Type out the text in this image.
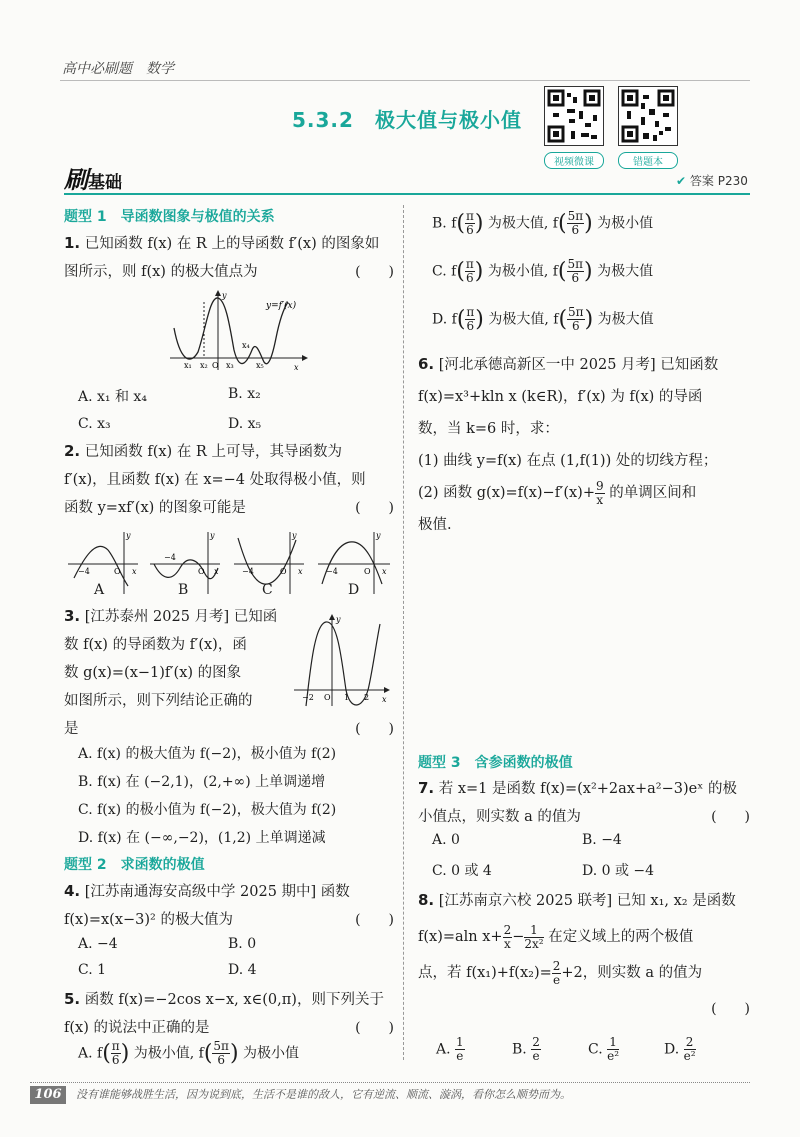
高中必刷题　数学
5.3.2　极大值与极小值
视频微课	错题本
刷基础	✔ 答案 P230
题型 1　导函数图象与极值的关系
1. 已知函数 f(x) 在 R 上的导函数 f′(x) 的图象如
图所示，则 f(x) 的极大值点为	(　　)
y=f′(x)
x₁ x₂ O x₃
x₄
x₅	x
y
A. x₁ 和 x₄	B. x₂
C. x₃	D. x₅
2. 已知函数 f(x) 在 R 上可导，其导函数为
f′(x)，且函数 f(x) 在 x=−4 处取得极小值，则
函数 y=xf′(x) 的图象可能是	(　　)
−4	O x
y
−4
O x
y
−4	O x
y
−4	O x
y
A	B	C	D
3. [江苏泰州 2025 月考] 已知函
数 f(x) 的导函数为 f′(x)，函
数 g(x)=(x−1)f′(x) 的图象
如图所示，则下列结论正确的
是	(　　)
−2 O 1 2 x
y
A. f(x) 的极大值为 f(−2)，极小值为 f(2)
B. f(x) 在 (−2,1)，(2,+∞) 上单调递增
C. f(x) 的极小值为 f(−2)，极大值为 f(2)
D. f(x) 在 (−∞,−2)，(1,2) 上单调递减
题型 2　求函数的极值
4. [江苏南通海安高级中学 2025 期中] 函数
f(x)=x(x−3)² 的极大值为	(　　)
A. −4	B. 0
C. 1	D. 4
5. 函数 f(x)=−2cos x−x, x∈(0,π)，则下列关于
f(x) 的说法中正确的是	(　　)
A. $f( \frac{\pi}{6}$ ) 为极小值, $f( \frac{5\pi}{6}$ ) 为极小值
B. $f( \frac{\pi}{6}$ ) 为极大值, $f( \frac{5\pi}{6}$ ) 为极小值
C. $f( \frac{\pi}{6}$ ) 为极小值, $f( \frac{5\pi}{6}$ ) 为极大值
D. $f( \frac{\pi}{6}$ ) 为极大值, $f( \frac{5\pi}{6}$ ) 为极大值
6. [河北承德高新区一中 2025 月考] 已知函数
f(x)=x³+kln x (k∈R)，f′(x) 为 f(x) 的导函
数，当 k=6 时，求：
(1) 曲线 y=f(x) 在点 (1,f(1)) 处的切线方程；
(2) 函数 $g(x)=f(x)-f'(x)+ \frac{9}{x}$ 的单调区间和
极值.
题型 3　含参函数的极值
7. 若 x=1 是函数 f(x)=(x²+2ax+a²−3)eˣ 的极
小值点，则实数 a 的值为	(　　)
A. 0	B. −4
C. 0 或 4	D. 0 或 −4
8. [江苏南京六校 2025 联考] 已知 x₁, x₂ 是函数
f(x)=aln $x+ \frac{2}{x} - \frac{1}{\text{2x²}}$ 在定义域上的两个极值
点，若 $f(x_1)+f(x_2)= \frac{2}{e} +2$，则实数 a 的值为
(　　)
A. $\frac{1}{e}$	B. $\frac{2}{e}$	C. $\frac{1}{\text{e²}}$	D. $\frac{2}{\text{e²}}$
106	没有谁能够战胜生活，因为说到底，生活不是谁的敌人，它有逆流、顺流、漩涡，看你怎么顺势而为。
